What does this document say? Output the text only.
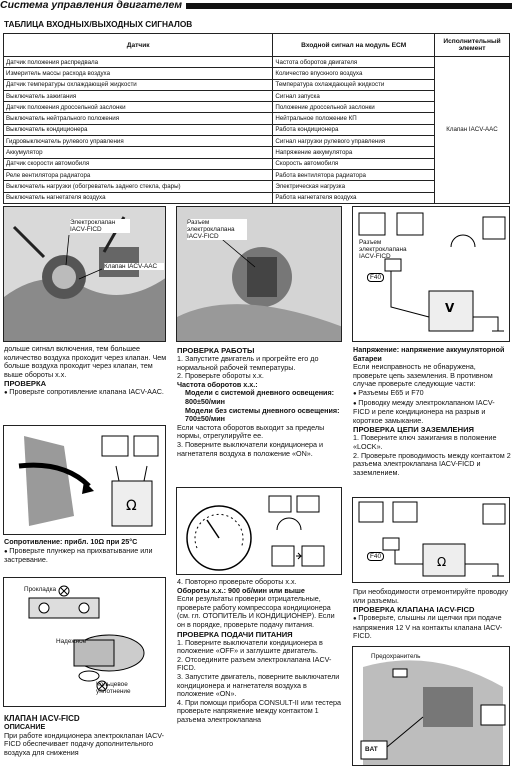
Система управления двигателем
ТАБЛИЦА ВХОДНЫХ/ВЫХОДНЫХ СИГНАЛОВ
Датчик	Входной сигнал на модуль ECM	Исполнительный элемент
Датчик положения распредвала	Частота оборотов двигателя	Клапан IACV-AAC
Измеритель массы расхода воздуха	Количество впускного воздуха	
Датчик температуры охлаждающей жидкости	Температура охлаждающей жидкости	
Выключатель зажигания	Сигнал запуска	
Датчик положения дроссельной заслонки	Положение дроссельной заслонки	
Выключатель нейтрального положения	Нейтральное положение КП	
Выключатель кондиционера	Работа кондиционера	
Гидровыключатель рулевого управления	Сигнал нагрузки рулевого управления	
Аккумулятор	Напряжение аккумулятора	
Датчик скорости автомобиля	Скорость автомобиля	
Реле вентилятора радиатора	Работа вентилятора радиатора	
Выключатель нагрузки (обогреватель заднего стекла, фары)	Электрическая нагрузка	
Выключатель нагнетателя воздуха	Работа нагнетателя воздуха	
Электроклапан IACV-FICD
Клапан IACV-AAC

дольше сигнал включения, тем большее количество воздуха проходит через клапан. Чем больше воздуха проходит через клапан, тем выше обороты х.х.

ПРОВЕРКА

● Проверьте сопротивление клапана IACV-AAC.

Ω

Сопротивление: прибл. 10Ω при 25°C

● Проверьте плунжер на прихватывание или застревание.

Прокладка
Надежное
Кольцевое уплотнение

КЛАПАН IACV-FICD

ОПИСАНИЕ

При работе кондиционера электроклапан IACV-FICD обеспечивает подачу дополнительного воздуха для снижения

Разъем электроклапана IACV-FICD

ПРОВЕРКА РАБОТЫ

1. Запустите двигатель и прогрейте его до нормальной рабочей температуры.

2. Проверьте обороты х.х.

Частота оборотов х.х.:

Модели с системой дневного освещения: 800±50/мин

Модели без системы дневного освещения: 700±50/мин

Если частота оборотов выходит за пределы нормы, отрегулируйте ее.

3. Поверните выключатели кондиционера и нагнетателя воздуха в положение «ON».

4. Повторно проверьте обороты х.х.

Обороты х.х.: 900 об/мин или выше

Если результаты проверки отрицательные, проверьте работу компрессора кондиционера (см. гл. ОТОПИТЕЛЬ И КОНДИЦИОНЕР). Если он в порядке, проверьте подачу питания.

ПРОВЕРКА ПОДАЧИ ПИТАНИЯ

1. Поверните выключатели кондиционера в положение «OFF» и заглушите двигатель.

2. Отсоедините разъем электроклапана IACV-FICD.

3. Запустите двигатель, поверните выключатели кондиционера и нагнетателя воздуха в положение «ON».

4. При помощи прибора CONSULT-II или тестера проверьте напряжение между контактом 1 разъема электроклапана

V
Разъем электроклапана IACV-FICD
F40

Напряжение: напряжение аккумуляторной батареи

Если неисправность не обнаружена, проверьте цепь заземления. В противном случае проверьте следующие части:

● Разъемы E65 и F70

● Проводку между электроклапаном IACV-FICD и реле кондиционера на разрыв и короткое замыкание.

ПРОВЕРКА ЦЕПИ ЗАЗЕМЛЕНИЯ

1. Поверните ключ зажигания в положение «LOCK».

2. Проверьте проводимость между контактом 2 разъема электроклапана IACV-FICD и заземлением.

Ω
F40

При необходимости отремонтируйте проводку или разъемы.

ПРОВЕРКА КЛАПАНА IACV-FICD

● Проверьте, слышны ли щелчки при подаче напряжения 12 V на контакты клапана IACV-FICD.

Предохранитель
BAT
